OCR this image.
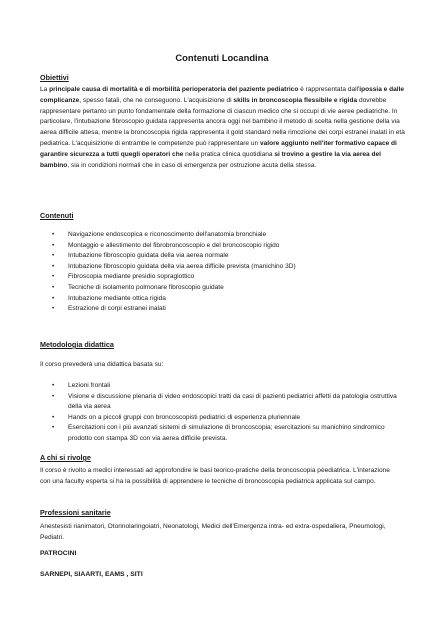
Contenuti Locandina
Obiettivi
La principale causa di mortalità e di morbilità perioperatoria del paziente pediatrico è rappresentata dall'ipossia e dalle complicanze, spesso fatali, che ne conseguono. L'acquisizione di skills in broncoscopia flessibile e rigida dovrebbe rappresentare pertanto un punto fondamentale della formazione di ciascun medico che si occupi di vie aeree pediatriche. In particolare, l'intubazione fibroscopio guidata rappresenta ancora oggi nel bambino il metodo di scelta nella gestione della via aerea difficile attesa, mentre la broncoscopia rigida rappresenta il gold standard nella rimozione dei corpi estranei inalati in età pediatrica. L'acquisizione di entrambe le competenze può rappresentare un valore aggiunto nell'iter formativo capace di garantire sicurezza a tutti quegli operatori che nella pratica clinica quotidiana si trovino a gestire la via aerea del bambino, sia in condizioni normali che in caso di emergenza per ostruzione acuta della stessa.
Contenuti
• Navigazione endoscopica e riconoscimento dell'anatomia bronchiale
• Montaggio e allestimento del fibrobroncoscopio e del broncoscopio rigido
• Intubazione fibroscopio guidata della via aerea normale
• Intubazione fibroscopio guidata della via aerea difficile prevista (manichino 3D)
• Fibroscopia mediante presidio sopraglottico
• Tecniche di isolamento polmonare fibroscopio guidate
• Intubazione mediante ottica rigida
• Estrazione di corpi estranei inalati
Metodologia didattica
Il corso prevederà una didattica basata su:
• Lezioni frontali
• Visione e discussione plenaria di video endoscopici tratti da casi di pazienti pediatrici affetti da patologia ostruttiva della via aerea
• Hands on a piccoli gruppi con broncoscopisti pediatrici di esperienza pluriennale
• Esercitazioni con i più avanzati sistemi di simulazione di broncoscopia; esercitazioni su manichino sindromico prodotto con stampa 3D con via aerea difficile prevista.
A chi si rivolge
Il corso è rivolto a medici interessati ad approfondire le basi teorico-pratiche della broncoscopia pèediatrica. L'interazione con una faculty esperta si ha la possibilità di apprendere le tecniche di broncoscopia pediatrica applicata sul campo.
Professioni sanitarie
Anestesisti rianimatori, Otorinolaringoiatri, Neonatologi, Medici dell'Emergenza intra- ed extra-ospedaliera, Pneumologi, Pediatri.
PATROCINI
SARNEPI, SIAARTI, EAMS , SITI
